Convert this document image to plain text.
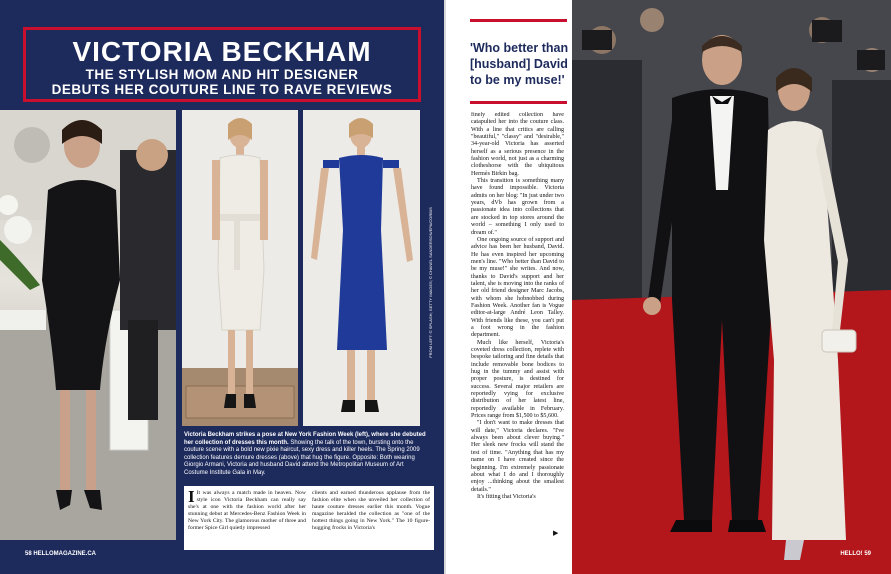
VICTORIA BECKHAM
THE STYLISH MOM AND HIT DESIGNER
DEBUTS HER COUTURE LINE TO RAVE REVIEWS
FROM LEFT: © SPLASH; GETTY IMAGES; © CHANEL SANDERSON/EPA/CORBIS
Victoria Beckham strikes a pose at New York Fashion Week (left), where she debuted her collection of dresses this month. Showing the talk of the town, bursting onto the couture scene with a bold new pixie haircut, sexy dress and killer heels. The Spring 2009 collection features demure dresses (above) that hug the figure. Opposite: Both wearing Giorgio Armani, Victoria and husband David attend the Metropolitan Museum of Art Costume Institute Gala in May.
I It was always a match made in heaven. Now style icon Victoria Beckham can really say she's at one with the fashion world after her stunning debut at Mercedes-Benz Fashion Week in New York City. The glamorous mother of three and former Spice Girl quietly impressed
clients and earned thunderous applause from the fashion elite when she unveiled her collection of haute couture dresses earlier this month. Vogue magazine heralded the collection as "one of the hottest things going in New York." The 10 figure-hugging frocks in Victoria's
58 HELLOMAGAZINE.CA
'Who better than [husband] David to be my muse!'

finely edited collection have catapulted her into the couture class. With a line that critics are calling "beautiful," "classy" and "desirable," 34-year-old Victoria has asserted herself as a serious presence in the fashion world, not just as a charming clotheshorse with the ubiquitous Hermès Birkin bag.

This transition is something many have found impossible. Victoria admits on her blog: "In just under two years, dVb has grown from a passionate idea into collections that are stocked in top stores around the world – something I only used to dream of."

One ongoing source of support and advice has been her husband, David. He has even inspired her upcoming men's line. "Who better than David to be my muse!" she writes. And now, thanks to David's support and her talent, she is moving into the ranks of her old friend designer Marc Jacobs, with whom she hobnobbed during Fashion Week. Another fan is Vogue editor-at-large André Leon Talley. With friends like these, you can't put a foot wrong in the fashion department.

Much like herself, Victoria's coveted dress collection, replete with bespoke tailoring and fine details that include removable bone bodices to hug in the tummy and assist with proper posture, is destined for success. Several major retailers are reportedly vying for exclusive distribution of her latest line, reportedly available in February. Prices range from $1,500 to $5,600.

"I don't want to make dresses that will date," Victoria declares. "I've always been about clever buying." Her sleek new frocks will stand the test of time. "Anything that has my name on I have created since the beginning. I'm extremely passionate about what I do and I thoroughly enjoy ...thinking about the smallest details."

It's fitting that Victoria's

▶
HELLO! 59
